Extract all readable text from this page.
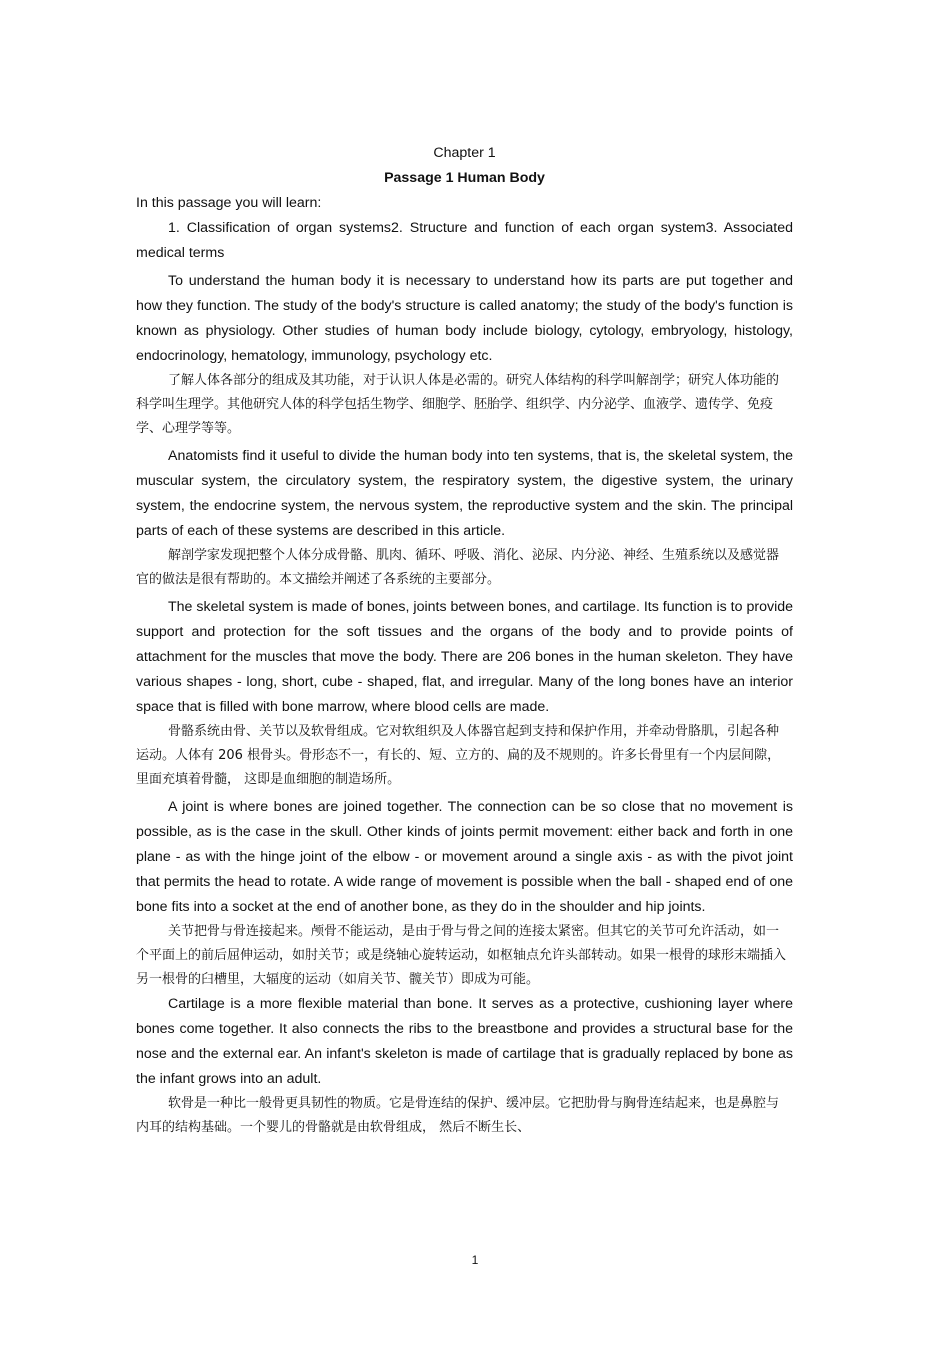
Chapter 1

Passage 1 Human Body

In this passage you will learn:

1. Classification of organ systems2. Structure and function of each organ system3. Associated medical terms

To understand the human body it is necessary to understand how its parts are put together and how they function. The study of the body's structure is called anatomy; the study of the body's function is known as physiology. Other studies of human body include biology, cytology, embryology, histology, endocrinology, hematology, immunology, psychology etc.

了解人体各部分的组成及其功能，对于认识人体是必需的。研究人体结构的科学叫解剖学；研究人体功能的科学叫生理学。其他研究人体的科学包括生物学、细胞学、胚胎学、组织学、内分泌学、血液学、遗传学、免疫学、心理学等等。

Anatomists find it useful to divide the human body into ten systems, that is, the skeletal system, the muscular system, the circulatory system, the respiratory system, the digestive system, the urinary system, the endocrine system, the nervous system, the reproductive system and the skin. The principal parts of each of these systems are described in this article.

解剖学家发现把整个人体分成骨骼、肌肉、循环、呼吸、消化、泌尿、内分泌、神经、生殖系统以及感觉器官的做法是很有帮助的。本文描绘并阐述了各系统的主要部分。

The skeletal system is made of bones, joints between bones, and cartilage. Its function is to provide support and protection for the soft tissues and the organs of the body and to provide points of attachment for the muscles that move the body. There are 206 bones in the human skeleton. They have various shapes - long, short, cube - shaped, flat, and irregular. Many of the long bones have an interior space that is filled with bone marrow, where blood cells are made.

骨骼系统由骨、关节以及软骨组成。它对软组织及人体器官起到支持和保护作用，并牵动骨胳肌，引起各种运动。人体有 206 根骨头。骨形态不一，有长的、短、立方的、扁的及不规则的。许多长骨里有一个内层间隙，里面充填着骨髓， 这即是血细胞的制造场所。

A joint is where bones are joined together. The connection can be so close that no movement is possible, as is the case in the skull. Other kinds of joints permit movement: either back and forth in one plane - as with the hinge joint of the elbow - or movement around a single axis - as with the pivot joint that permits the head to rotate. A wide range of movement is possible when the ball - shaped end of one bone fits into a socket at the end of another bone, as they do in the shoulder and hip joints.

关节把骨与骨连接起来。颅骨不能运动，是由于骨与骨之间的连接太紧密。但其它的关节可允许活动，如一个平面上的前后屈伸运动，如肘关节；或是绕轴心旋转运动，如枢轴点允许头部转动。如果一根骨的球形末端插入另一根骨的臼槽里，大辐度的运动（如肩关节、髋关节）即成为可能。

Cartilage is a more flexible material than bone. It serves as a protective, cushioning layer where bones come together. It also connects the ribs to the breastbone and provides a structural base for the nose and the external ear. An infant's skeleton is made of cartilage that is gradually replaced by bone as the infant grows into an adult.

软骨是一种比一般骨更具韧性的物质。它是骨连结的保护、缓冲层。它把肋骨与胸骨连结起来，也是鼻腔与内耳的结构基础。一个婴儿的骨骼就是由软骨组成， 然后不断生长、

1
